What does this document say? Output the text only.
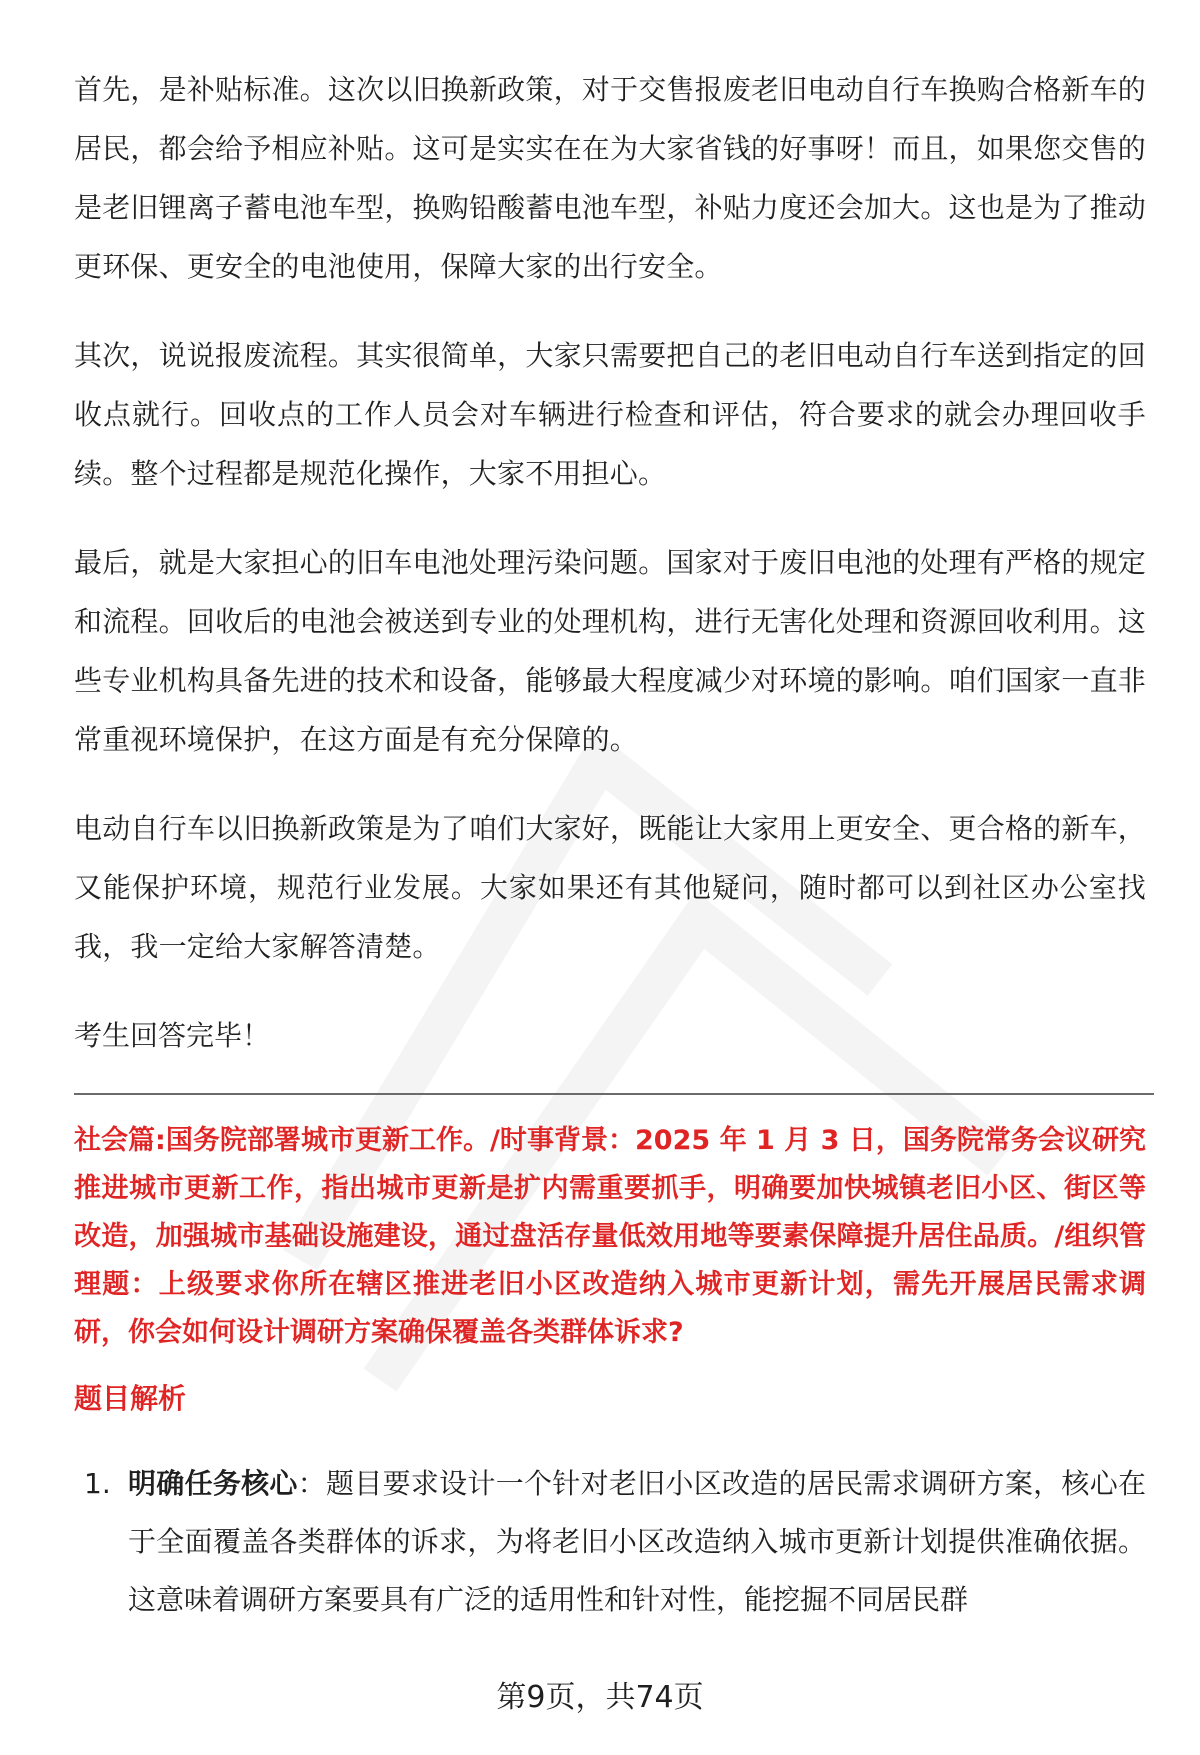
首先，是补贴标准。这次以旧换新政策，对于交售报废老旧电动自行车换购合格新车的居民，都会给予相应补贴。这可是实实在在为大家省钱的好事呀！而且，如果您交售的是老旧锂离子蓄电池车型，换购铅酸蓄电池车型，补贴力度还会加大。这也是为了推动更环保、更安全的电池使用，保障大家的出行安全。

其次，说说报废流程。其实很简单，大家只需要把自己的老旧电动自行车送到指定的回收点就行。回收点的工作人员会对车辆进行检查和评估，符合要求的就会办理回收手续。整个过程都是规范化操作，大家不用担心。

最后，就是大家担心的旧车电池处理污染问题。国家对于废旧电池的处理有严格的规定和流程。回收后的电池会被送到专业的处理机构，进行无害化处理和资源回收利用。这些专业机构具备先进的技术和设备，能够最大程度减少对环境的影响。咱们国家一直非常重视环境保护，在这方面是有充分保障的。

电动自行车以旧换新政策是为了咱们大家好，既能让大家用上更安全、更合格的新车，又能保护环境，规范行业发展。大家如果还有其他疑问，随时都可以到社区办公室找我，我一定给大家解答清楚。

考生回答完毕！

社会篇:国务院部署城市更新工作。/时事背景：2025 年 1 月 3 日，国务院常务会议研究推进城市更新工作，指出城市更新是扩内需重要抓手，明确要加快城镇老旧小区、街区等改造，加强城市基础设施建设，通过盘活存量低效用地等要素保障提升居住品质。/组织管理题：上级要求你所在辖区推进老旧小区改造纳入城市更新计划，需先开展居民需求调研，你会如何设计调研方案确保覆盖各类群体诉求?

题目解析

1. 明确任务核心：题目要求设计一个针对老旧小区改造的居民需求调研方案，核心在于全面覆盖各类群体的诉求，为将老旧小区改造纳入城市更新计划提供准确依据。这意味着调研方案要具有广泛的适用性和针对性，能挖掘不同居民群
第9页，共74页
